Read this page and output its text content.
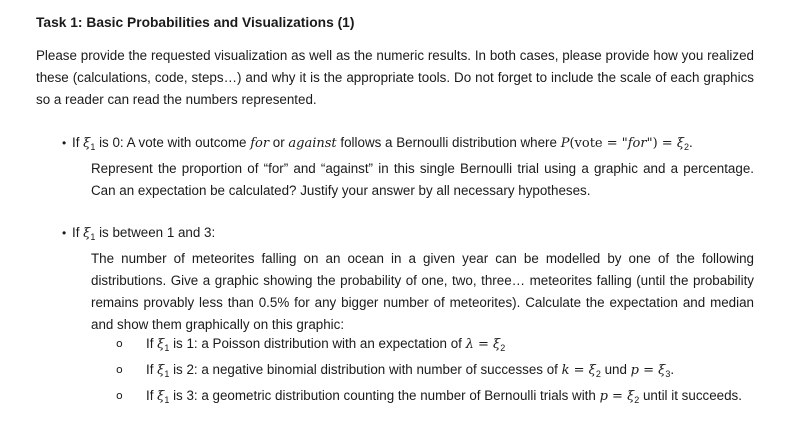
Task 1: Basic Probabilities and Visualizations (1)

Please provide the requested visualization as well as the numeric results. In both cases, please provide how you realized these (calculations, code, steps…) and why it is the appropriate tools. Do not forget to include the scale of each graphics so a reader can read the numbers represented.

• If $\xi_1$ is 0: A vote with outcome for or against follows a Bernoulli distribution where P(vote = "for") = $\xi_2$.
Represent the proportion of “for” and “against” in this single Bernoulli trial using a graphic and a percentage. Can an expectation be calculated? Justify your answer by all necessary hypotheses.
• If $\xi_1$ is between 1 and 3:
The number of meteorites falling on an ocean in a given year can be modelled by one of the following distributions. Give a graphic showing the probability of one, two, three… meteorites falling (until the probability remains provably less than 0.5% for any bigger number of meteorites). Calculate the expectation and median and show them graphically on this graphic:
o If $\xi_1$ is 1: a Poisson distribution with an expectation of $\lambda = \xi_2$
o If $\xi_1$ is 2: a negative binomial distribution with number of successes of $k = \xi_2$ und $p = \xi_3$.
o If $\xi_1$ is 3: a geometric distribution counting the number of Bernoulli trials with $p = \xi_2$ until it succeeds.
